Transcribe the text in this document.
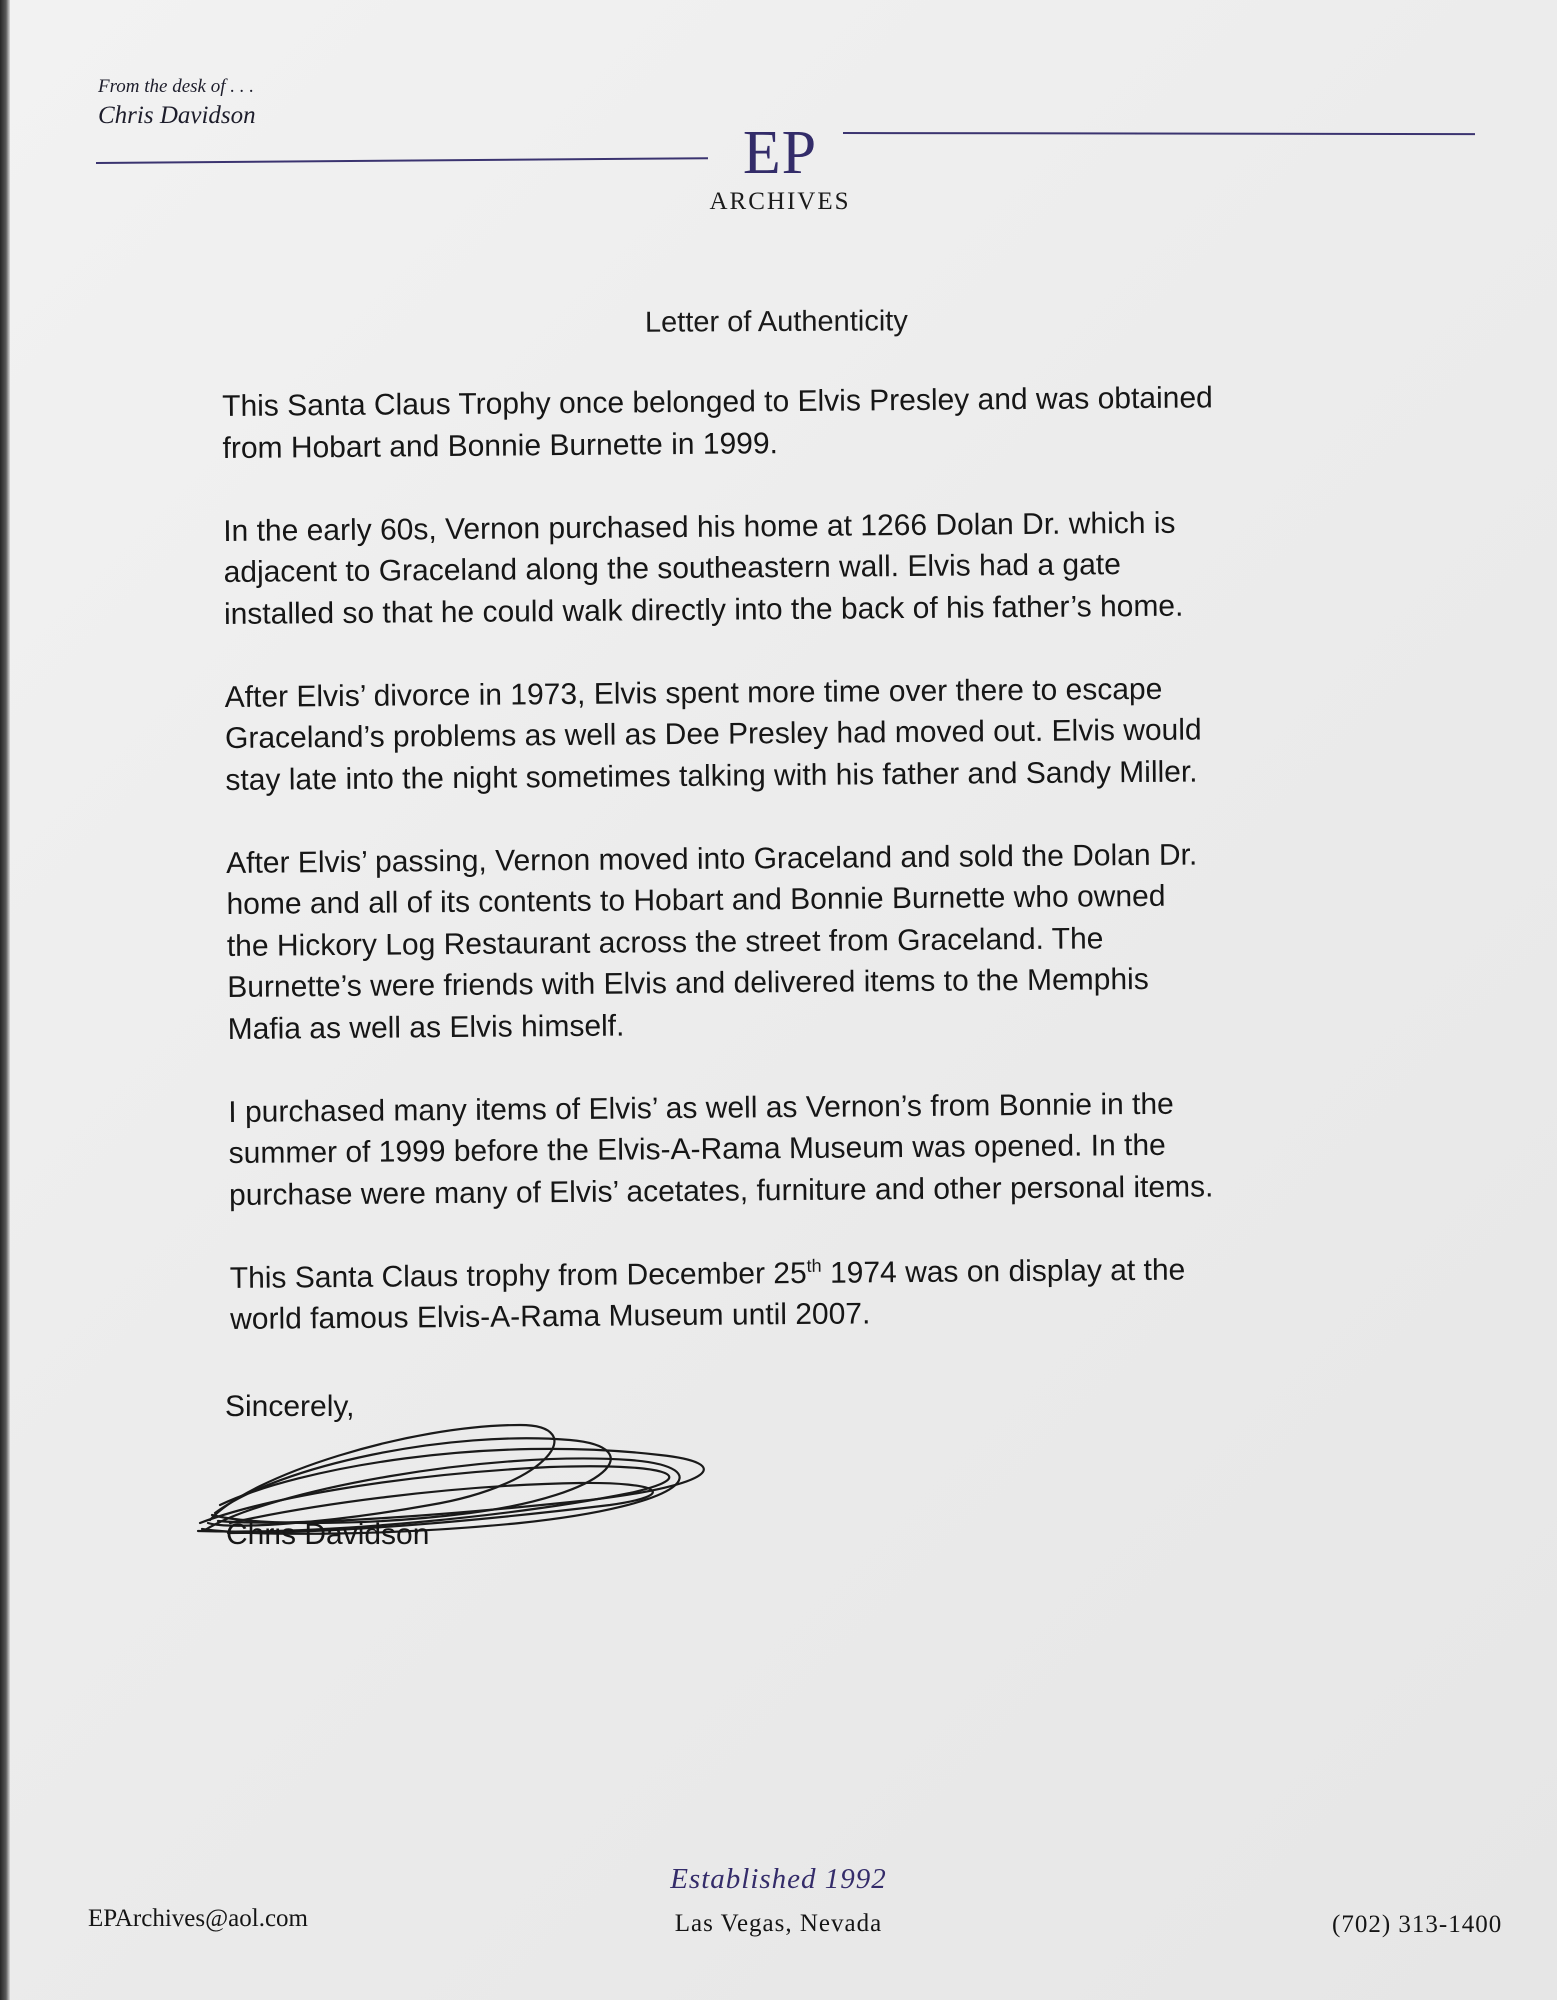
From the desk of . . .
Chris Davidson
EP
ARCHIVES
Letter of Authenticity

This Santa Claus Trophy once belonged to Elvis Presley and was obtained
from Hobart and Bonnie Burnette in 1999.

In the early 60s, Vernon purchased his home at 1266 Dolan Dr. which is
adjacent to Graceland along the southeastern wall. Elvis had a gate
installed so that he could walk directly into the back of his father’s home.

After Elvis’ divorce in 1973, Elvis spent more time over there to escape
Graceland’s problems as well as Dee Presley had moved out. Elvis would
stay late into the night sometimes talking with his father and Sandy Miller.

After Elvis’ passing, Vernon moved into Graceland and sold the Dolan Dr.
home and all of its contents to Hobart and Bonnie Burnette who owned
the Hickory Log Restaurant across the street from Graceland. The
Burnette’s were friends with Elvis and delivered items to the Memphis
Mafia as well as Elvis himself.

I purchased many items of Elvis’ as well as Vernon’s from Bonnie in the
summer of 1999 before the Elvis-A-Rama Museum was opened. In the
purchase were many of Elvis’ acetates, furniture and other personal items.

This Santa Claus trophy from December 25th 1974 was on display at the
world famous Elvis-A-Rama Museum until 2007.

Sincerely,
Chris Davidson
EPArchives@aol.com
Established 1992
Las Vegas, Nevada	(702) 313-1400
